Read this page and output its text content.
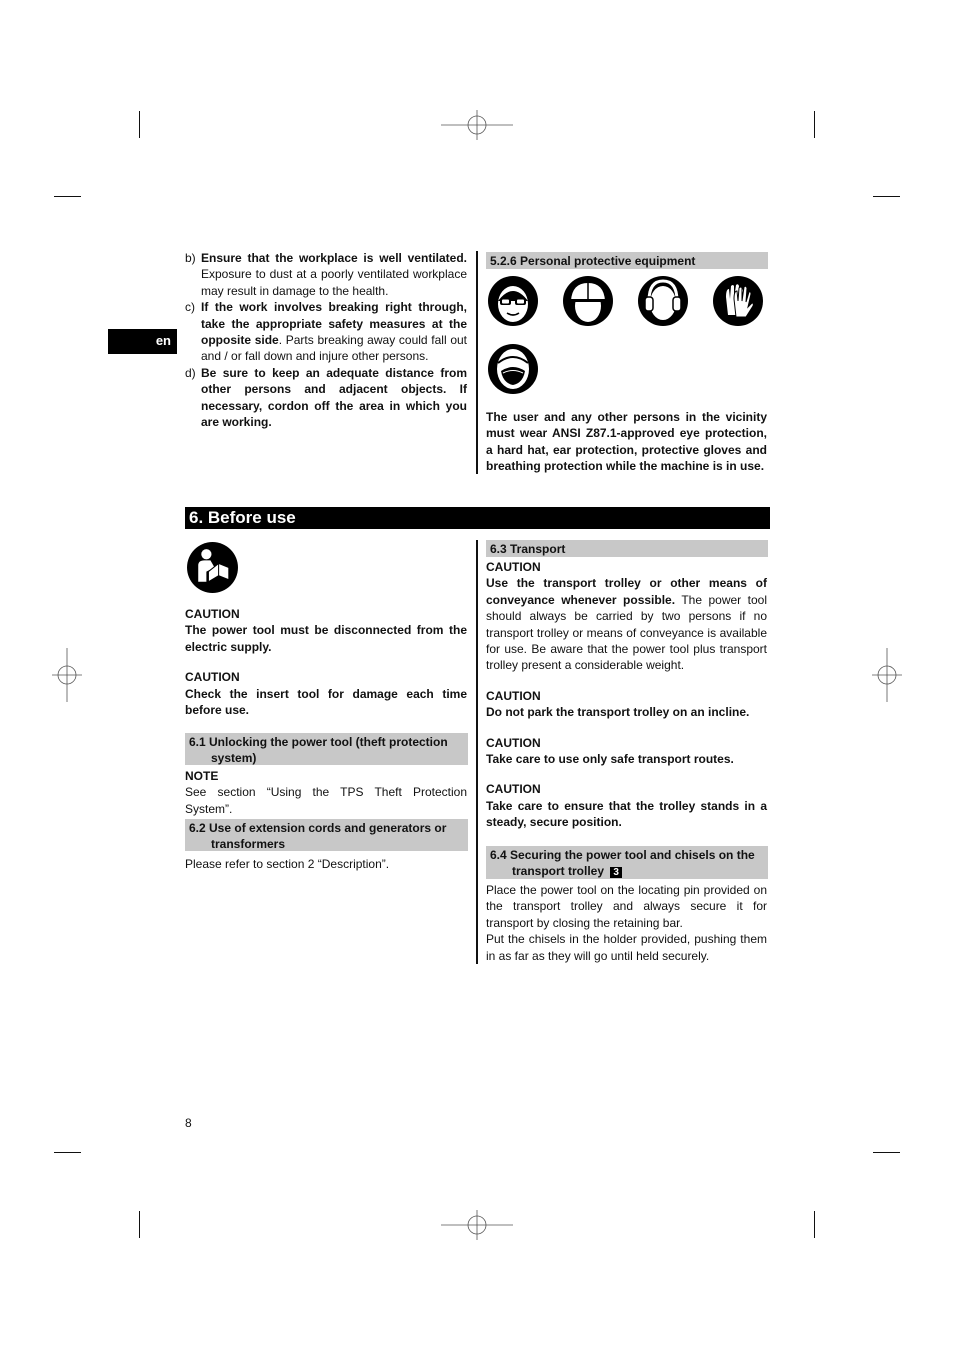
en
b) Ensure that the workplace is well ventilated. Exposure to dust at a poorly ventilated workplace may result in damage to the health.
c) If the work involves breaking right through, take the appropriate safety measures at the opposite side. Parts breaking away could fall out and / or fall down and injure other persons.
d) Be sure to keep an adequate distance from other persons and adjacent objects. If necessary, cordon off the area in which you are working.
5.2.6 Personal protective equipment
The user and any other persons in the vicinity must wear ANSI Z87.1-approved eye protection, a hard hat, ear protection, protective gloves and breathing protection while the machine is in use.
6. Before use
CAUTION
The power tool must be disconnected from the electric supply.
CAUTION
Check the insert tool for damage each time before use.
6.1 Unlocking the power tool (theft protection system)
NOTE
See section “Using the TPS Theft Protection System”.
6.2 Use of extension cords and generators or transformers
Please refer to section 2 “Description”.
6.3 Transport
CAUTION
Use the transport trolley or other means of conveyance whenever possible. The power tool should always be carried by two persons if no transport trolley or means of conveyance is available for use. Be aware that the power tool plus transport trolley present a considerable weight.
CAUTION
Do not park the transport trolley on an incline.
CAUTION
Take care to use only safe transport routes.
CAUTION
Take care to ensure that the trolley stands in a steady, secure position.
6.4 Securing the power tool and chisels on the transport trolley 3
Place the power tool on the locating pin provided on the transport trolley and always secure it for transport by closing the retaining bar.
Put the chisels in the holder provided, pushing them in as far as they will go until held securely.
8
